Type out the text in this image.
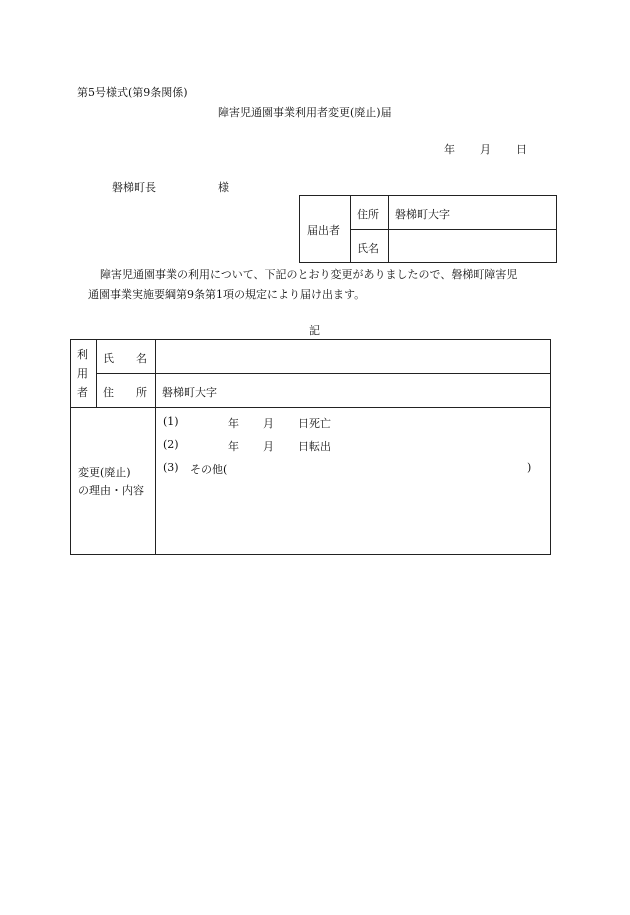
第5号様式(第9条関係)
障害児通園事業利用者変更(廃止)届
年 月 日
磐梯町長	様
届出者
住所 磐梯町大字
氏名
障害児通園事業の利用について、下記のとおり変更がありましたので、磐梯町障害児
通園事業実施要綱第9条第1項の規定により届け出ます。
記
利
用
者
氏　　名
住　　所 磐梯町大字
変更(廃止)
の理由・内容
(1)	年 月 日死亡
(2)	年 月 日転出
(3) その他(	)
